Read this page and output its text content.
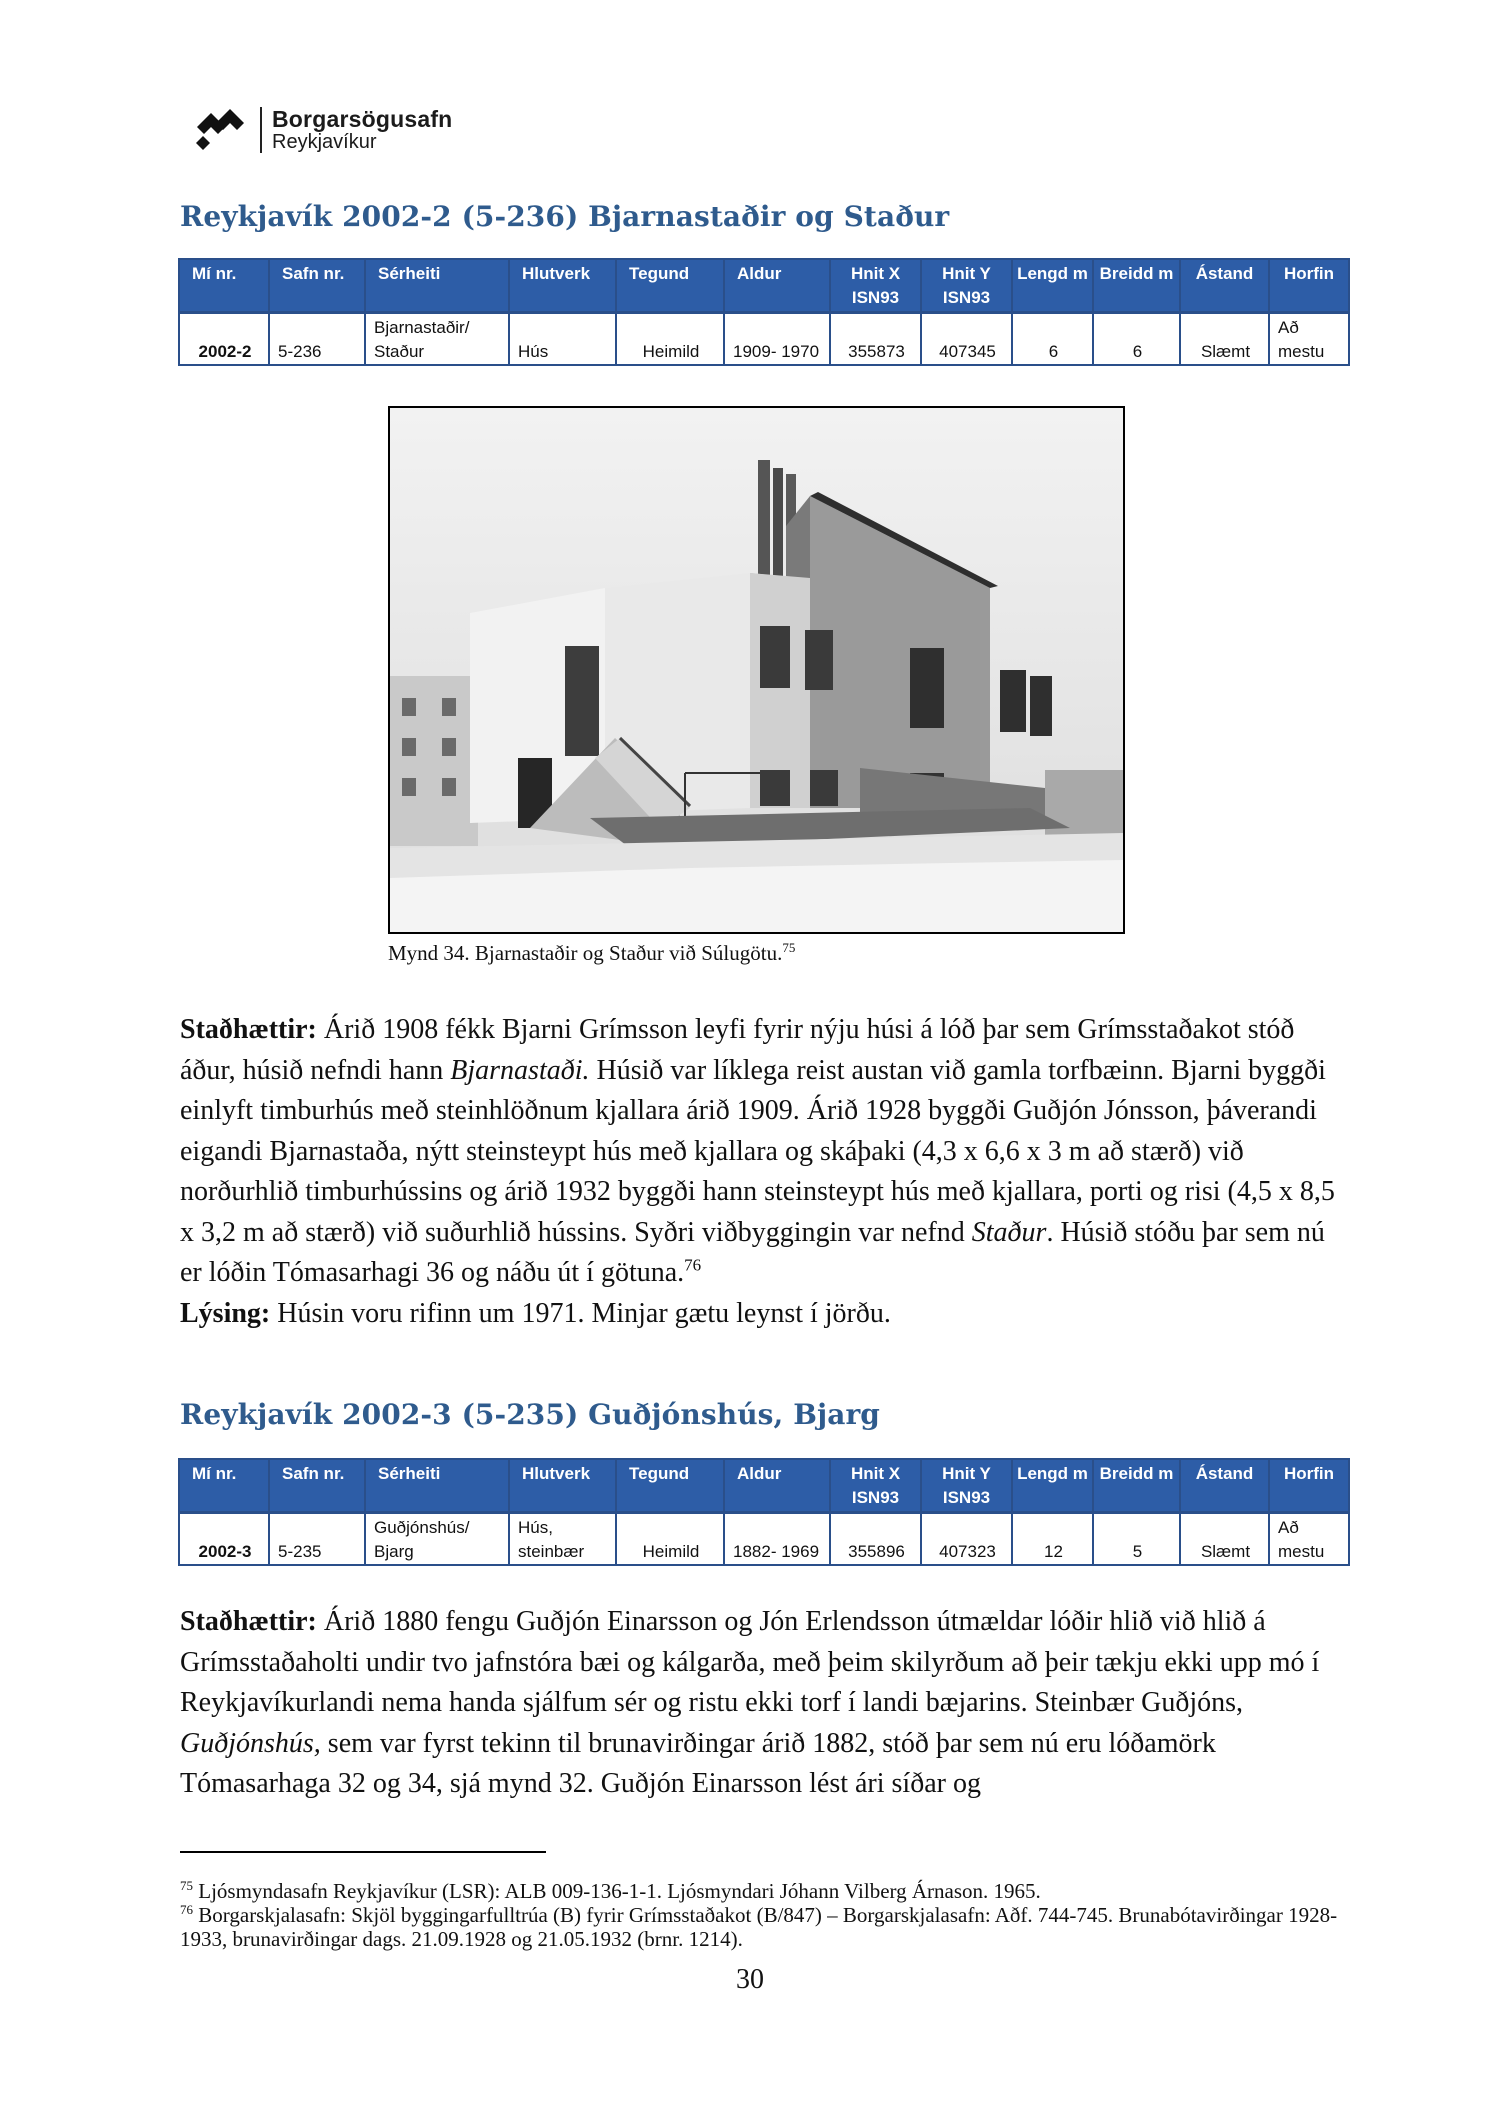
Borgarsögusafn
Reykjavíkur
Reykjavík 2002-2 (5-236) Bjarnastaðir og Staður
Mí nr.	Safn nr.	Sérheiti	Hlutverk	Tegund	Aldur	Hnit X ISN93	Hnit Y ISN93	Lengd m	Breidd m	Ástand	Horfin
2002-2	5-236	Bjarnastaðir/ Staður	Hús	Heimild	1909- 1970	355873	407345	6	6	Slæmt	Að mestu
Mynd 34. Bjarnastaðir og Staður við Súlugötu.$^{75}$

Staðhættir: Árið 1908 fékk Bjarni Grímsson leyfi fyrir nýju húsi á lóð þar sem Grímsstaðakot stóð áður, húsið nefndi hann Bjarnastaði. Húsið var líklega reist austan við gamla torfbæinn. Bjarni byggði einlyft timburhús með steinhlöðnum kjallara árið 1909. Árið 1928 byggði Guðjón Jónsson, þáverandi eigandi Bjarnastaða, nýtt steinsteypt hús með kjallara og skáþaki (4,3 x 6,6 x 3 m að stærð) við norðurhlið timburhússins og árið 1932 byggði hann steinsteypt hús með kjallara, porti og risi (4,5 x 8,5 x 3,2 m að stærð) við suðurhlið hússins. Syðri viðbyggingin var nefnd Staður. Húsið stóðu þar sem nú er lóðin Tómasarhagi 36 og náðu út í götuna.$^{76}$
Lýsing: Húsin voru rifinn um 1971. Minjar gætu leynst í jörðu.

Reykjavík 2002-3 (5-235) Guðjónshús, Bjarg
Mí nr.	Safn nr.	Sérheiti	Hlutverk	Tegund	Aldur	Hnit X ISN93	Hnit Y ISN93	Lengd m	Breidd m	Ástand	Horfin
2002-3	5-235	Guðjónshús/ Bjarg	Hús, steinbær	Heimild	1882- 1969	355896	407323	12	5	Slæmt	Að mestu

Staðhættir: Árið 1880 fengu Guðjón Einarsson og Jón Erlendsson útmældar lóðir hlið við hlið á Grímsstaðaholti undir tvo jafnstóra bæi og kálgarða, með þeim skilyrðum að þeir tækju ekki upp mó í Reykjavíkurlandi nema handa sjálfum sér og ristu ekki torf í landi bæjarins. Steinbær Guðjóns, Guðjónshús, sem var fyrst tekinn til brunavirðingar árið 1882, stóð þar sem nú eru lóðamörk Tómasarhaga 32 og 34, sjá mynd 32. Guðjón Einarsson lést ári síðar og

$^{75}$ Ljósmyndasafn Reykjavíkur (LSR): ALB 009-136-1-1. Ljósmyndari Jóhann Vilberg Árnason. 1965.

$^{76}$ Borgarskjalasafn: Skjöl byggingarfulltrúa (B) fyrir Grímsstaðakot (B/847) – Borgarskjalasafn: Aðf. 744-745. Brunabótavirðingar 1928-1933, brunavirðingar dags. 21.09.1928 og 21.05.1932 (brnr. 1214).

30
